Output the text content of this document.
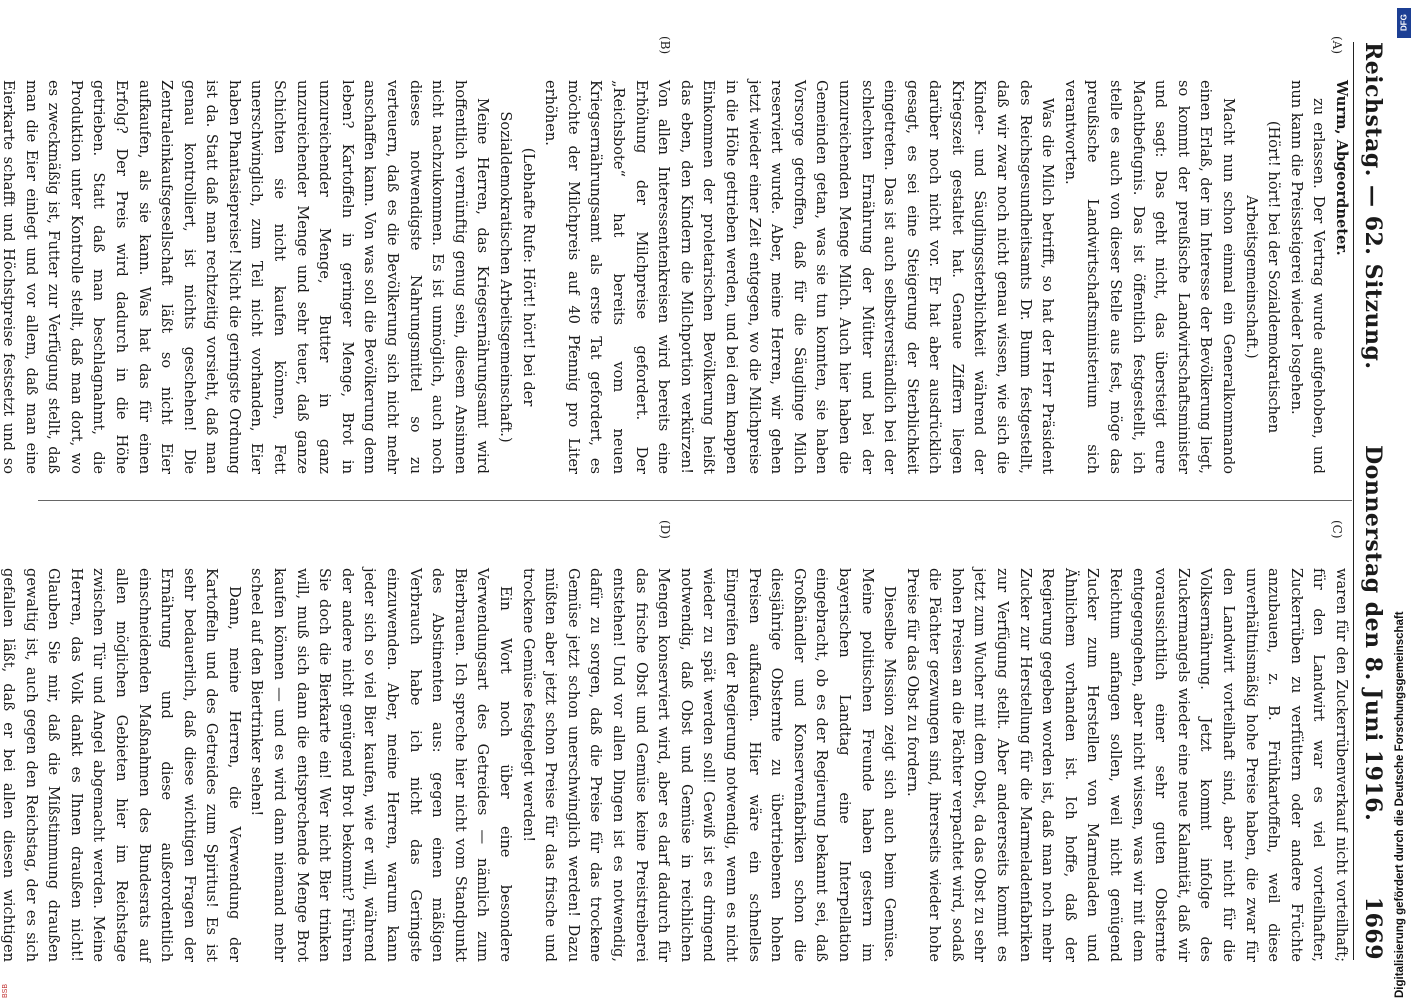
Reichstag. — 62. Sitzung.
Donnerstag den 8. Juni 1916.
1669
(A)
(B)

Wurm, Abgeordneter.

zu erlassen. Der Vertrag wurde aufgehoben, und nun kann die Preissteigerei wieder losgehen.

(Hört! hört! bei der Sozialdemokratischen Arbeitsgemeinschaft.)

Macht nun schon einmal ein Generalkommando einen Erlaß, der im Interesse der Bevölkerung liegt, so kommt der preußische Landwirtschaftsminister und sagt: Das geht nicht, das übersteigt eure Machtbefugnis. Das ist öffentlich festgestellt, ich stelle es auch von dieser Stelle aus fest, möge das preußische Landwirtschaftsministerium sich verantworten.

Was die Milch betrifft, so hat der Herr Präsident des Reichsgesundheitsamts Dr. Bumm festgestellt, daß wir zwar noch nicht genau wissen, wie sich die Kinder- und Säuglingssterblichkeit während der Kriegszeit gestaltet hat. Genaue Ziffern liegen darüber noch nicht vor. Er hat aber ausdrücklich gesagt, es sei eine Steigerung der Sterblichkeit eingetreten. Das ist auch selbstverständlich bei der schlechten Ernährung der Mütter und bei der unzureichenden Menge Milch. Auch hier haben die Gemeinden getan, was sie tun konnten, sie haben Vorsorge getroffen, daß für die Säuglinge Milch reserviert wurde. Aber, meine Herren, wir gehen jetzt wieder einer Zeit entgegen, wo die Milchpreise in die Höhe getrieben werden, und bei dem knappen Einkommen der proletarischen Bevölkerung heißt das eben, den Kindern die Milchportion verkürzen! Von allen Interessentenkreisen wird bereits eine Erhöhung der Milchpreise gefordert. Der „Reichsbote“ hat bereits vom neuen Kriegsernährungsamt als erste Tat gefordert, es möchte der Milchpreis auf 40 Pfennig pro Liter erhöhen.

(Lebhafte Rufe: Hört! hört! bei der Sozialdemokratischen Arbeitsgemeinschaft.)

Meine Herren, das Kriegsernährungsamt wird hoffentlich vernünftig genug sein, diesem Ansinnen nicht nachzukommen. Es ist unmöglich, auch noch dieses notwendigste Nahrungsmittel so zu verteuern, daß es die Bevölkerung sich nicht mehr anschaffen kann. Von was soll die Bevölkerung denn leben? Kartoffeln in geringer Menge, Brot in unzureichender Menge, Butter in ganz unzureichender Menge und sehr teuer, daß ganze Schichten sie nicht kaufen können, Fett unerschwinglich, zum Teil nicht vorhanden, Eier haben Phantasiepreise! Nicht die geringste Ordnung ist da. Statt daß man rechtzeitig vorsieht, daß man genau kontrolliert, ist nichts geschehen! Die Zentraleinkaufsgesellschaft läßt so nicht Eier aufkaufen, als sie kann. Was hat das für einen Erfolg? Der Preis wird dadurch in die Höhe getrieben. Statt daß man beschlagnahmt, die Produktion unter Kontrolle stellt, daß man dort, wo es zweckmäßig ist, Futter zur Verfügung stellt, daß man die Eier einlegt und vor allem, daß man eine Eierkarte schafft und Höchstpreise festsetzt und so

(C)
(D)

waren für den Zuckerrübenverkauf nicht vorteilhaft; für den Landwirt war es viel vorteilhafter, Zuckerrüben zu verfüttern oder andere Früchte anzubauen, z. B. Frühkartoffeln, weil diese unverhältnismäßig hohe Preise haben, die zwar für den Landwirt vorteilhaft sind, aber nicht für die Volksernährung. Jetzt kommt infolge des Zuckermangels wieder eine neue Kalamität, daß wir voraussichtlich einer sehr guten Obsternte entgegengehen, aber nicht wissen, was wir mit dem Reichtum anfangen sollen, weil nicht genügend Zucker zum Herstellen von Marmeladen und Ähnlichem vorhanden ist. Ich hoffe, daß der Regierung gegeben worden ist, daß man noch mehr Zucker zur Herstellung für die Marmeladenfabriken zur Verfügung stellt. Aber andererseits kommt es jetzt zum Wucher mit dem Obst, da das Obst zu sehr hohen Preisen an die Pächter verpachtet wird, sodaß die Pächter gezwungen sind, ihrerseits wieder hohe Preise für das Obst zu fordern.

Dieselbe Mission zeigt sich auch beim Gemüse. Meine politischen Freunde haben gestern im bayerischen Landtag eine Interpellation eingebracht, ob es der Regierung bekannt sei, daß Großhändler und Konservenfabriken schon die diesjährige Obsternte zu übertriebenen hohen Preisen aufkaufen. Hier wäre ein schnelles Eingreifen der Regierung notwendig, wenn es nicht wieder zu spät werden soll! Gewiß ist es dringend notwendig, daß Obst und Gemüse in reichlichen Mengen konserviert wird, aber es darf dadurch für das frische Obst und Gemüse keine Preistreiberei entstehen! Und vor allen Dingen ist es notwendig, dafür zu sorgen, daß die Preise für das trockene Gemüse jetzt schon unerschwinglich werden! Dazu müßten aber jetzt schon Preise für das frische und trockene Gemüse festgelegt werden!

Ein Wort noch über eine besondere Verwendungsart des Getreides — nämlich zum Bierbrauen. Ich spreche hier nicht vom Standpunkt des Abstinenten aus: gegen einen mäßigen Verbrauch habe ich nicht das Geringste einzuwenden. Aber, meine Herren, warum kann jeder sich so viel Bier kaufen, wie er will, während der andere nicht genügend Brot bekommt? Führen Sie doch die Bierkarte ein! Wer nicht Bier trinken will, muß sich dann die entsprechende Menge Brot kaufen können — und es wird dann niemand mehr scheel auf den Biertrinker sehen!

Dann, meine Herren, die Verwendung der Kartoffeln und des Getreides zum Spiritus! Es ist sehr bedauerlich, daß diese wichtigen Fragen der Ernährung und diese außerordentlich einschneidenden Maßnahmen des Bundesrats auf allen möglichen Gebieten hier im Reichstage zwischen Tür und Angel abgemacht werden. Meine Herren, das Volk dankt es Ihnen draußen nicht! Glauben Sie mir, daß die Mißstimmung draußen gewaltig ist, auch gegen den Reichstag, der es sich gefallen läßt, daß er bei allen diesen wichtigen

DFG
Digitalisierung gefördert durch die Deutsche Forschungsgemeinschaft
BSB
